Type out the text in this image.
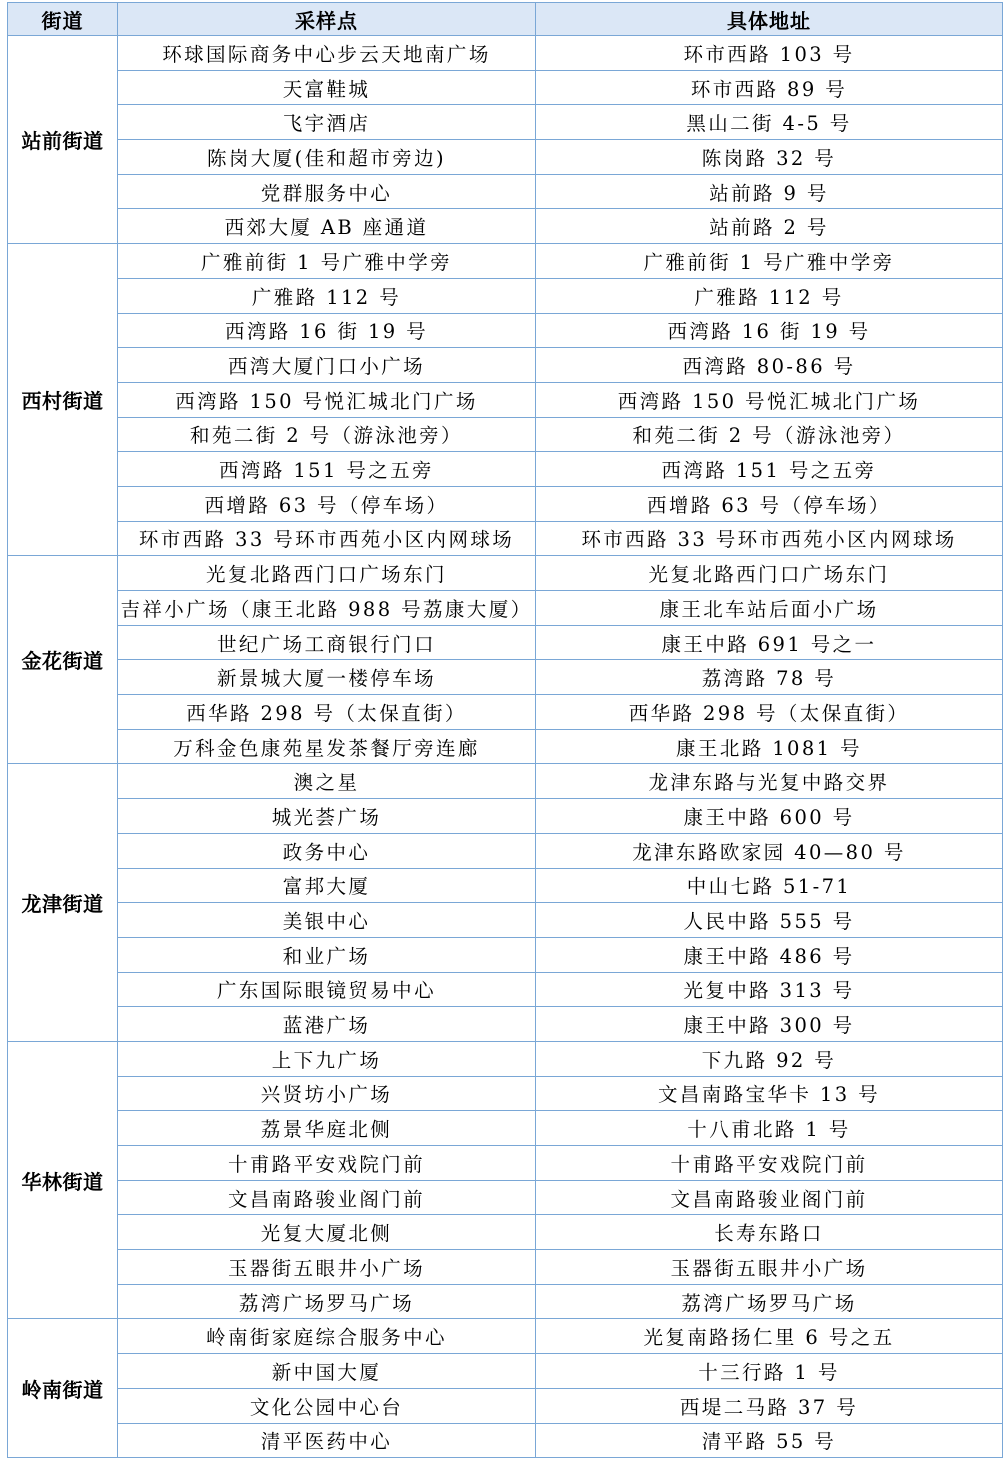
街道	采样点	具体地址
站前街道	环球国际商务中心步云天地南广场	环市西路 103 号
	天富鞋城	环市西路 89 号
	飞宇酒店	黑山二街 4-5 号
	陈岗大厦(佳和超市旁边)	陈岗路 32 号
	党群服务中心	站前路 9 号
	西郊大厦 AB 座通道	站前路 2 号
西村街道	广雅前街 1 号广雅中学旁	广雅前街 1 号广雅中学旁
	广雅路 112 号	广雅路 112 号
	西湾路 16 街 19 号	西湾路 16 街 19 号
	西湾大厦门口小广场	西湾路 80-86 号
	西湾路 150 号悦汇城北门广场	西湾路 150 号悦汇城北门广场
	和苑二街 2 号（游泳池旁）	和苑二街 2 号（游泳池旁）
	西湾路 151 号之五旁	西湾路 151 号之五旁
	西增路 63 号（停车场）	西增路 63 号（停车场）
	环市西路 33 号环市西苑小区内网球场	环市西路 33 号环市西苑小区内网球场
金花街道	光复北路西门口广场东门	光复北路西门口广场东门
	吉祥小广场（康王北路 988 号荔康大厦）	康王北车站后面小广场
	世纪广场工商银行门口	康王中路 691 号之一
	新景城大厦一楼停车场	荔湾路 78 号
	西华路 298 号（太保直街）	西华路 298 号（太保直街）
	万科金色康苑星发茶餐厅旁连廊	康王北路 1081 号
龙津街道	澳之星	龙津东路与光复中路交界
	城光荟广场	康王中路 600 号
	政务中心	龙津东路欧家园 40—80 号
	富邦大厦	中山七路 51-71
	美银中心	人民中路 555 号
	和业广场	康王中路 486 号
	广东国际眼镜贸易中心	光复中路 313 号
	蓝港广场	康王中路 300 号
华林街道	上下九广场	下九路 92 号
	兴贤坊小广场	文昌南路宝华卡 13 号
	荔景华庭北侧	十八甫北路 1 号
	十甫路平安戏院门前	十甫路平安戏院门前
	文昌南路骏业阁门前	文昌南路骏业阁门前
	光复大厦北侧	长寿东路口
	玉器街五眼井小广场	玉器街五眼井小广场
	荔湾广场罗马广场	荔湾广场罗马广场
岭南街道	岭南街家庭综合服务中心	光复南路扬仁里 6 号之五
	新中国大厦	十三行路 1 号
	文化公园中心台	西堤二马路 37 号
	清平医药中心	清平路 55 号
